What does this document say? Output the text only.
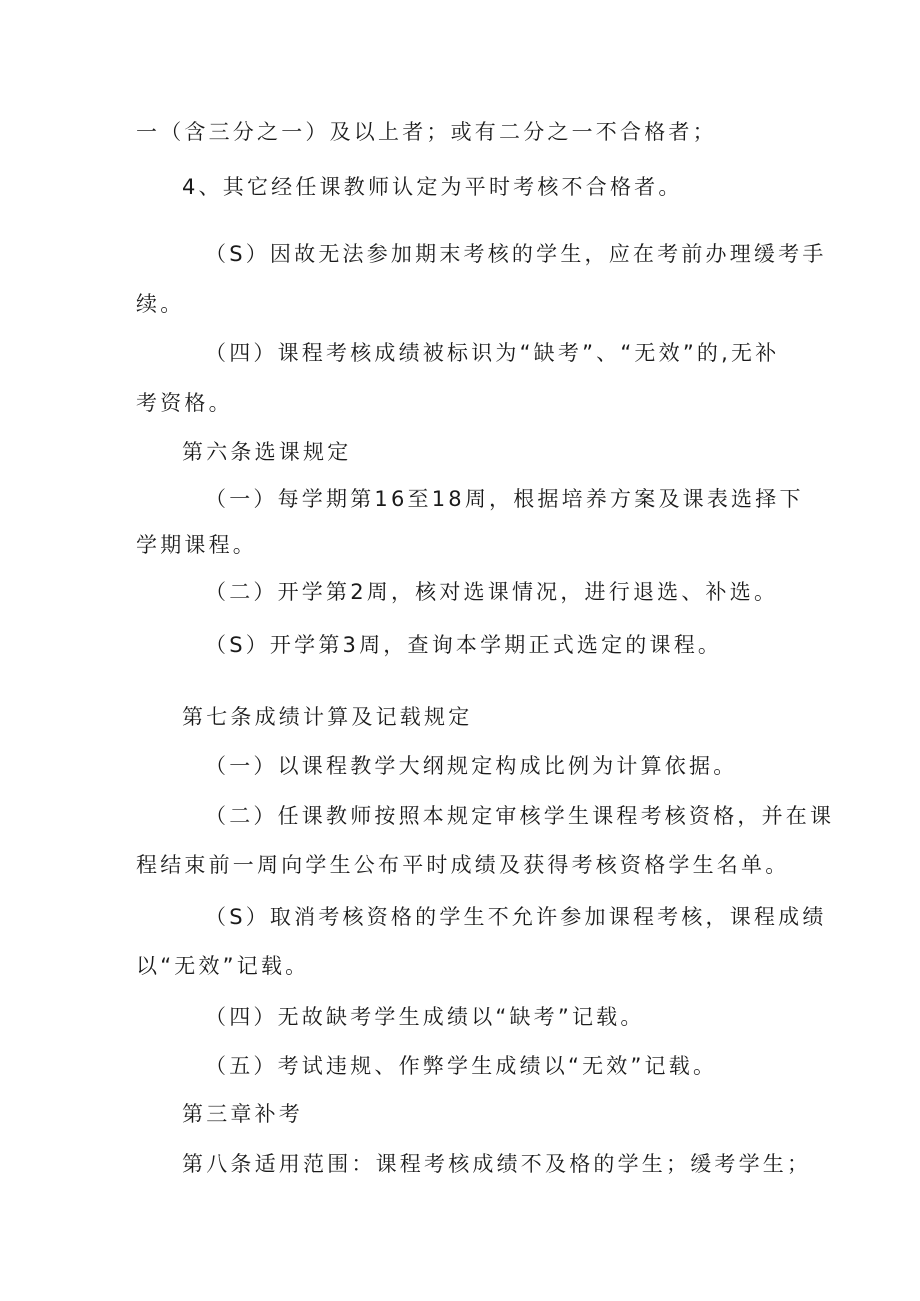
一（含三分之一）及以上者；或有二分之一不合格者；
4、其它经任课教师认定为平时考核不合格者。
（S）因故无法参加期末考核的学生，应在考前办理缓考手
续。
（四）课程考核成绩被标识为“缺考”、“无效”的,无补
考资格。
第六条选课规定
（一）每学期第16至18周，根据培养方案及课表选择下
学期课程。
（二）开学第2周，核对选课情况，进行退选、补选。
（S）开学第3周，查询本学期正式选定的课程。
第七条成绩计算及记载规定
（一）以课程教学大纲规定构成比例为计算依据。
（二）任课教师按照本规定审核学生课程考核资格，并在课
程结束前一周向学生公布平时成绩及获得考核资格学生名单。
（S）取消考核资格的学生不允许参加课程考核，课程成绩
以“无效”记载。
（四）无故缺考学生成绩以“缺考”记载。
（五）考试违规、作弊学生成绩以“无效”记载。
第三章补考
第八条适用范围：课程考核成绩不及格的学生；缓考学生；
